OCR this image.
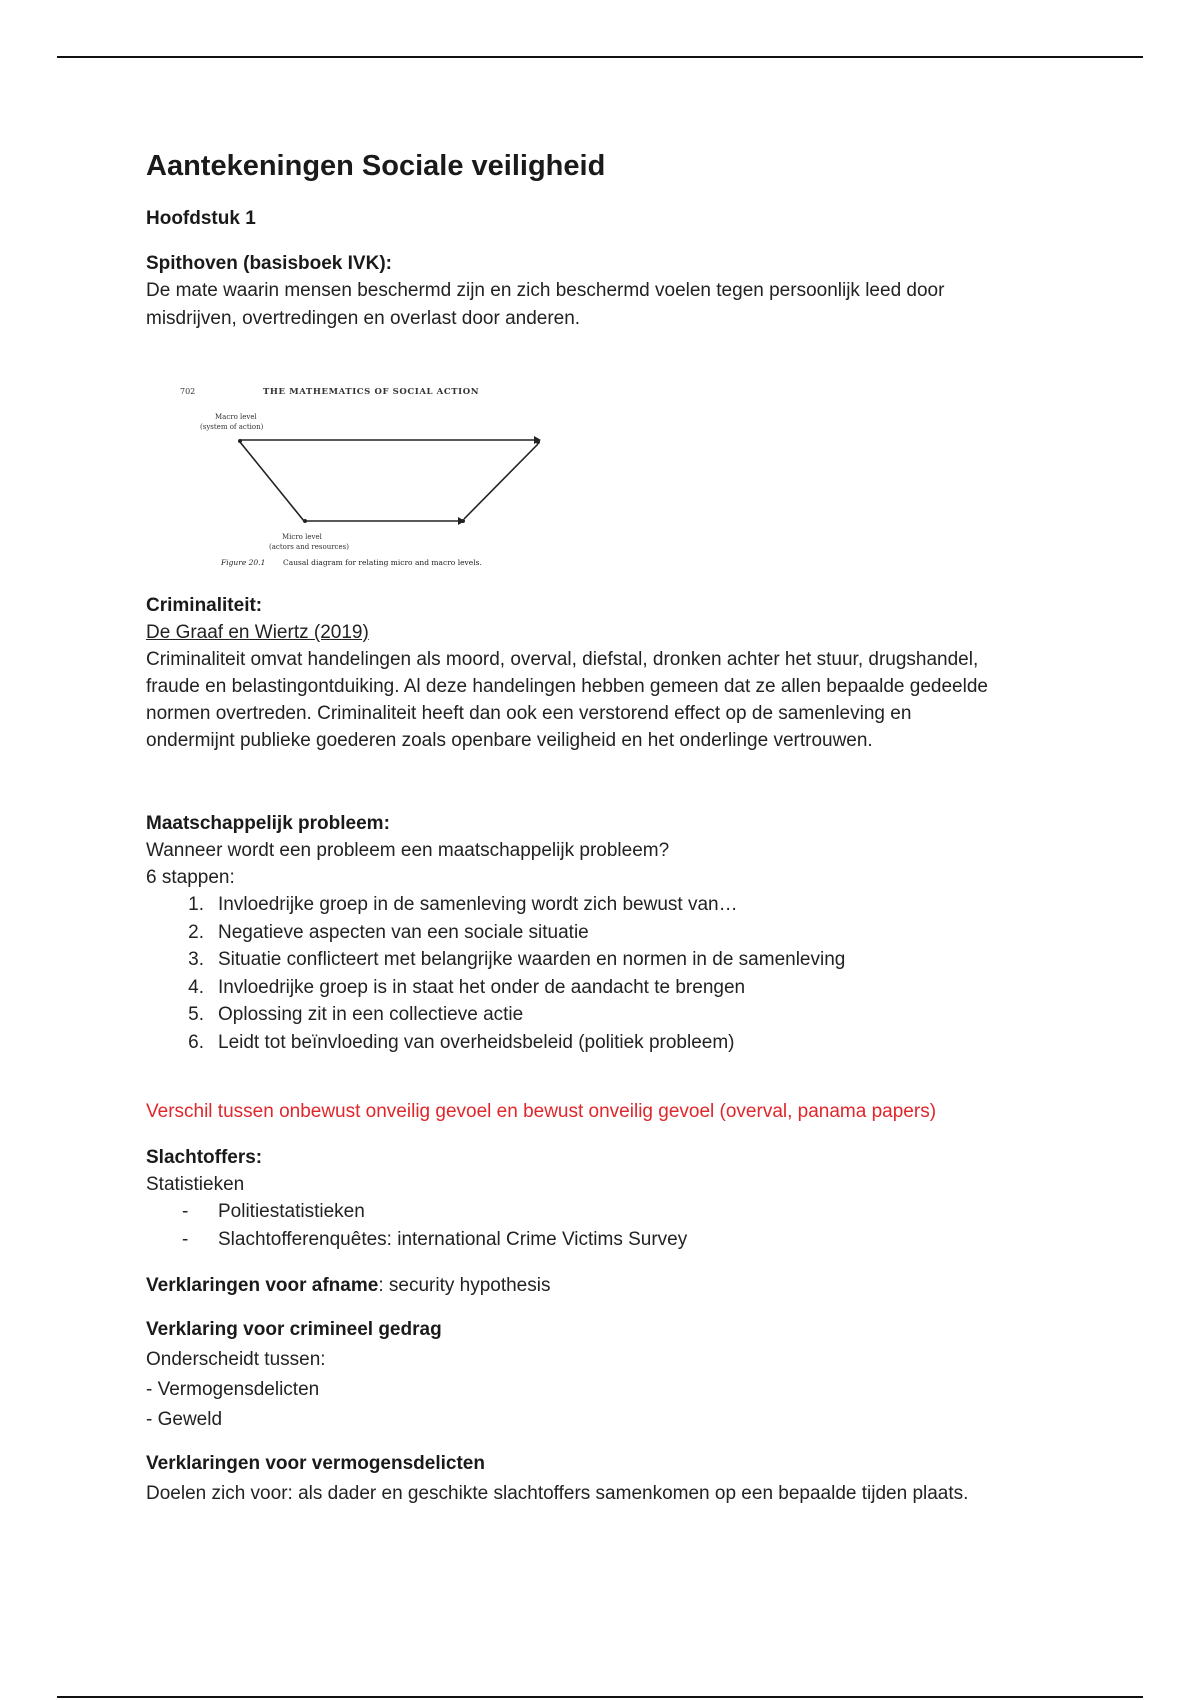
Aantekeningen Sociale veiligheid
Hoofdstuk 1
Spithoven (basisboek IVK):
De mate waarin mensen beschermd zijn en zich beschermd voelen tegen persoonlijk leed door
misdrijven, overtredingen en overlast door anderen.
Criminaliteit:
De Graaf en Wiertz (2019)
Criminaliteit omvat handelingen als moord, overval, diefstal, dronken achter het stuur, drugshandel,
fraude en belastingontduiking. Al deze handelingen hebben gemeen dat ze allen bepaalde gedeelde
normen overtreden. Criminaliteit heeft dan ook een verstorend effect op de samenleving en
ondermijnt publieke goederen zoals openbare veiligheid en het onderlinge vertrouwen.
Maatschappelijk probleem:
Wanneer wordt een probleem een maatschappelijk probleem?
6 stappen:
1. Invloedrijke groep in de samenleving wordt zich bewust van…
2. Negatieve aspecten van een sociale situatie
3. Situatie conflicteert met belangrijke waarden en normen in de samenleving
4. Invloedrijke groep is in staat het onder de aandacht te brengen
5. Oplossing zit in een collectieve actie
6. Leidt tot beïnvloeding van overheidsbeleid (politiek probleem)
Verschil tussen onbewust onveilig gevoel en bewust onveilig gevoel (overval, panama papers)
Slachtoffers:
Statistieken
- Politiestatistieken
- Slachtofferenquêtes: international Crime Victims Survey
Verklaringen voor afname: security hypothesis
Verklaring voor crimineel gedrag
Onderscheidt tussen:
- Vermogensdelicten
- Geweld
Verklaringen voor vermogensdelicten
Doelen zich voor: als dader en geschikte slachtoffers samenkomen op een bepaalde tijden plaats.
702	THE MATHEMATICS OF SOCIAL ACTION
Macro level
(system of action)
Micro level
(actors and resources)
Figure 20.1 Causal diagram for relating micro and macro levels.
